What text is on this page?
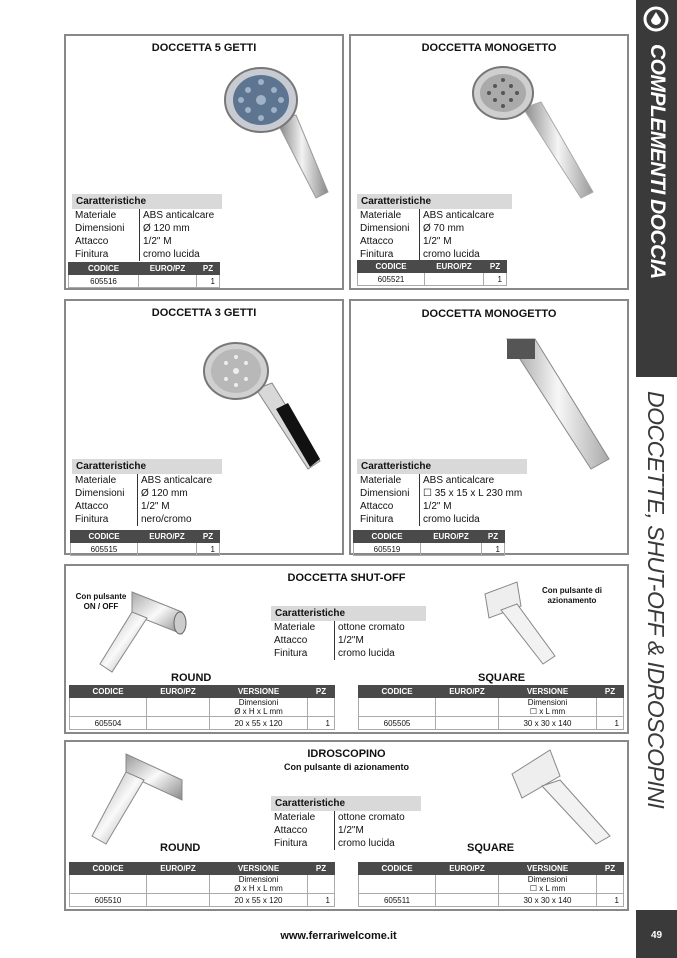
COMPLEMENTI DOCCIA
DOCCETTE, SHUT-OFF & IDROSCOPINI
49
DOCCETTA 5 GETTI
Caratteristiche
Materiale	ABS anticalcare
Dimensioni	Ø 120 mm
Attacco	1/2" M
Finitura	cromo lucida
CODICE	EURO/PZ	PZ
605516		1
DOCCETTA MONOGETTO
Caratteristiche
Materiale	ABS anticalcare
Dimensioni	Ø 70 mm
Attacco	1/2" M
Finitura	cromo lucida
CODICE	EURO/PZ	PZ
605521		1
DOCCETTA 3 GETTI
Caratteristiche
Materiale	ABS anticalcare
Dimensioni	Ø 120 mm
Attacco	1/2" M
Finitura	nero/cromo
CODICE	EURO/PZ	PZ
605515		1
DOCCETTA MONOGETTO
Caratteristiche
Materiale	ABS anticalcare
Dimensioni	☐ 35 x 15 x L 230 mm
Attacco	1/2" M
Finitura	cromo lucida
CODICE	EURO/PZ	PZ
605519		1
DOCCETTA SHUT-OFF
Con pulsante ON / OFF
Caratteristiche
Materiale	ottone cromato
Attacco	1/2"M
Finitura	cromo lucida
Con pulsante di azionamento
ROUND	SQUARE
CODICE	EURO/PZ	VERSIONE	PZ
		Dimensioni
Ø x H x L mm	
605504		20 x 55 x 120	1
CODICE	EURO/PZ	VERSIONE	PZ
		Dimensioni
☐ x L mm	
605505		30 x 30 x 140	1
IDROSCOPINO
Con pulsante di azionamento
Caratteristiche
Materiale	ottone cromato
Attacco	1/2"M
Finitura	cromo lucida
ROUND	SQUARE
CODICE	EURO/PZ	VERSIONE	PZ
		Dimensioni
Ø x H x L mm	
605510		20 x 55 x 120	1
CODICE	EURO/PZ	VERSIONE	PZ
		Dimensioni
☐ x L mm	
605511		30 x 30 x 140	1
www.ferrariwelcome.it
